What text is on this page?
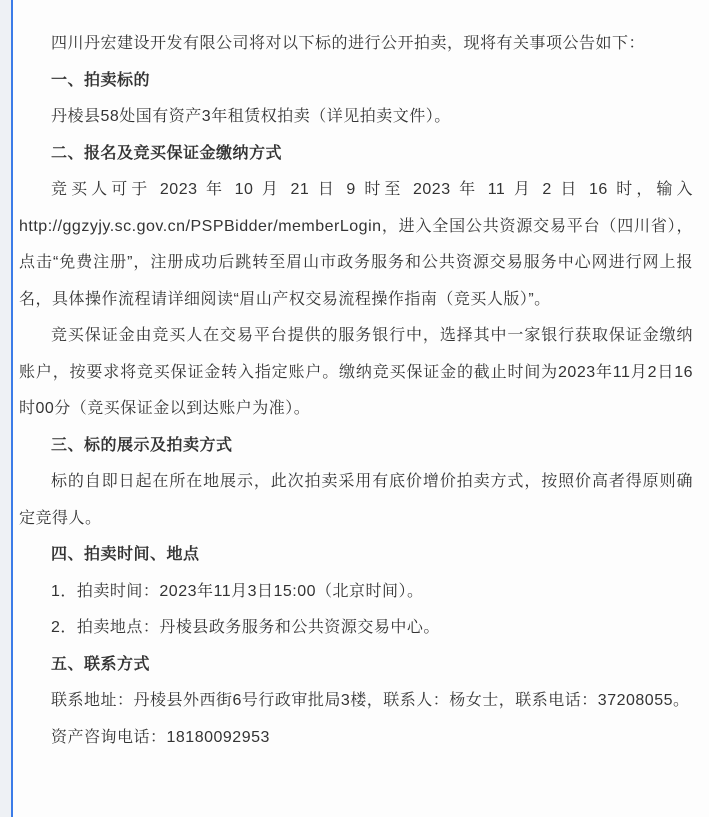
四川丹宏建设开发有限公司将对以下标的进行公开拍卖，现将有关事项公告如下：

一、拍卖标的

丹棱县58处国有资产3年租赁权拍卖（详见拍卖文件）。

二、报名及竞买保证金缴纳方式

竞买人可于 2023 年 10 月 21 日 9 时至 2023 年 11 月 2 日 16 时，输入http://ggzyjy.sc.gov.cn/PSPBidder/memberLogin，进入全国公共资源交易平台（四川省），点击“免费注册”，注册成功后跳转至眉山市政务服务和公共资源交易服务中心网进行网上报名，具体操作流程请详细阅读“眉山产权交易流程操作指南（竞买人版）”。

竞买保证金由竞买人在交易平台提供的服务银行中，选择其中一家银行获取保证金缴纳账户，按要求将竞买保证金转入指定账户。缴纳竞买保证金的截止时间为2023年11月2日16时00分（竞买保证金以到达账户为准）。

三、标的展示及拍卖方式

标的自即日起在所在地展示，此次拍卖采用有底价增价拍卖方式，按照价高者得原则确定竞得人。

四、拍卖时间、地点

1．拍卖时间：2023年11月3日15:00（北京时间）。

2．拍卖地点：丹棱县政务服务和公共资源交易中心。

五、联系方式

联系地址：丹棱县外西街6号行政审批局3楼，联系人：杨女士，联系电话：37208055。

资产咨询电话：18180092953
